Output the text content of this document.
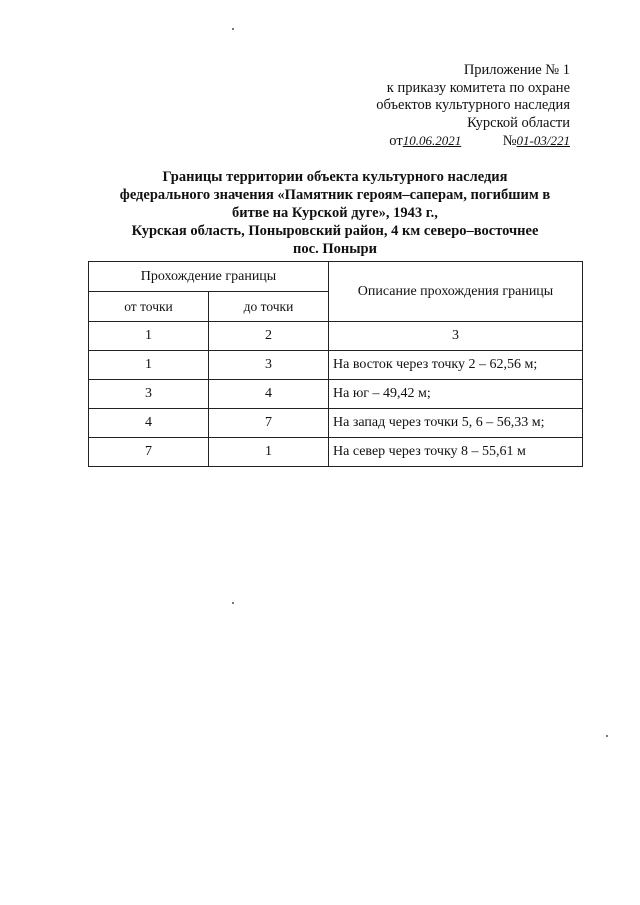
Приложение № 1
к приказу комитета по охране
объектов культурного наследия
Курской области
от10.06.2021	№01-03/221
Границы территории объекта культурного наследия
федерального значения «Памятник героям–саперам, погибшим в
битве на Курской дуге», 1943 г.,
Курская область, Поныровский район, 4 км северо–восточнее
пос. Поныри
Прохождение границы		Описание прохождения границы
от точки	до точки	
1	2	3
1	3	На восток через точку 2 – 62,56 м;
3	4	На юг – 49,42 м;
4	7	На запад через точки 5, 6 – 56,33 м;
7	1	На север через точку 8 – 55,61 м
